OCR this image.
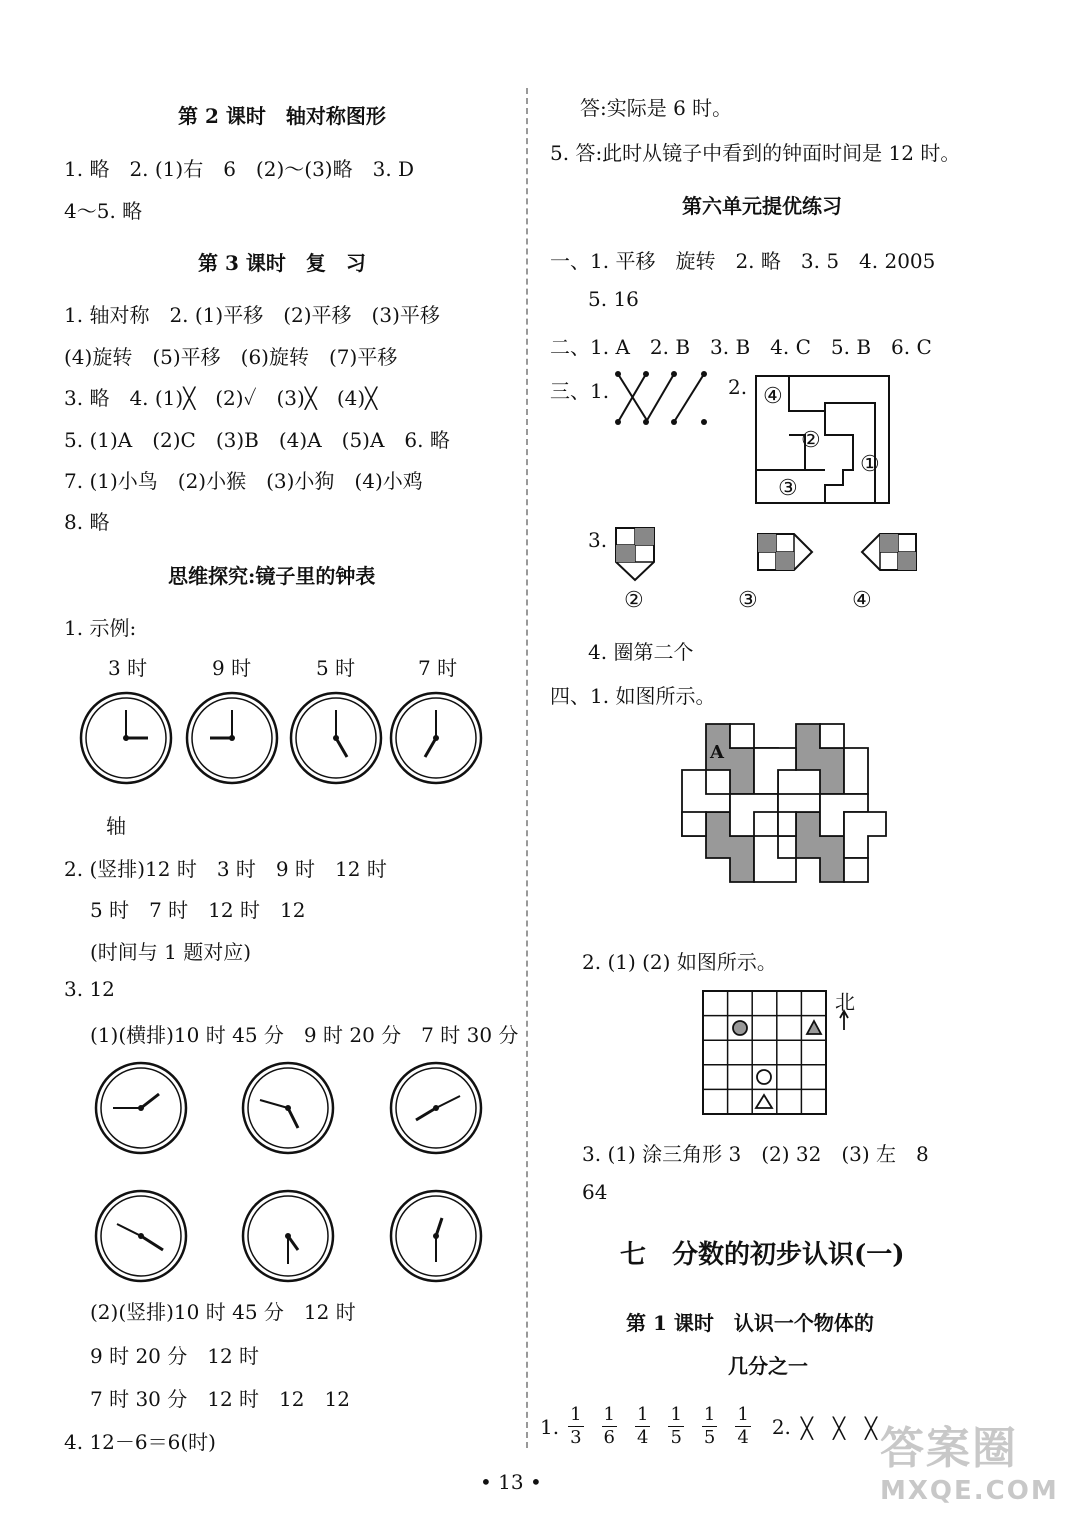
第 2 课时　轴对称图形
1. 略　2. (1)右　6　(2)～(3)略　3. D
4～5. 略
第 3 课时　复　习
1. 轴对称　2. (1)平移　(2)平移　(3)平移
(4)旋转　(5)平移　(6)旋转　(7)平移
3. 略　4. (1)╳　(2)✓　(3)╳　(4)╳
5. (1)A　(2)C　(3)B　(4)A　(5)A　6. 略
7. (1)小鸟　(2)小猴　(3)小狗　(4)小鸡
8. 略
思维探究:镜子里的钟表
1. 示例:
3 时	9 时	5 时	7 时
轴
2. (竖排)12 时　3 时　9 时　12 时
5 时　7 时　12 时　12
(时间与 1 题对应)
3. 12
(1)(横排)10 时 45 分　9 时 20 分　7 时 30 分
(2)(竖排)10 时 45 分　12 时
9 时 20 分　12 时
7 时 30 分　12 时　12　12
4. 12－6＝6(时)
答:实际是 6 时。
5. 答:此时从镜子中看到的钟面时间是 12 时。
第六单元提优练习
一、1. 平移　旋转　2. 略　3. 5　4. 2005
5. 16
二、1. A　2. B　3. B　4. C　5. B　6. C
三、1.	2. ④
②
①
③
3.
②	③	④
4. 圈第二个
四、1. 如图所示。
A
2. (1) (2) 如图所示。
北
3. (1) 涂三角形 3　(2) 32　(3) 左　8
64
七　分数的初步认识(一)
第 1 课时　认识一个物体的
几分之一
1. $\frac{1}{3} \frac{1}{6} \frac{1}{4} \frac{1}{5} \frac{1}{5} \frac{1}{4} 2$. ╳　╳　╳
• 13 •
答案圈
MXQE.COM
